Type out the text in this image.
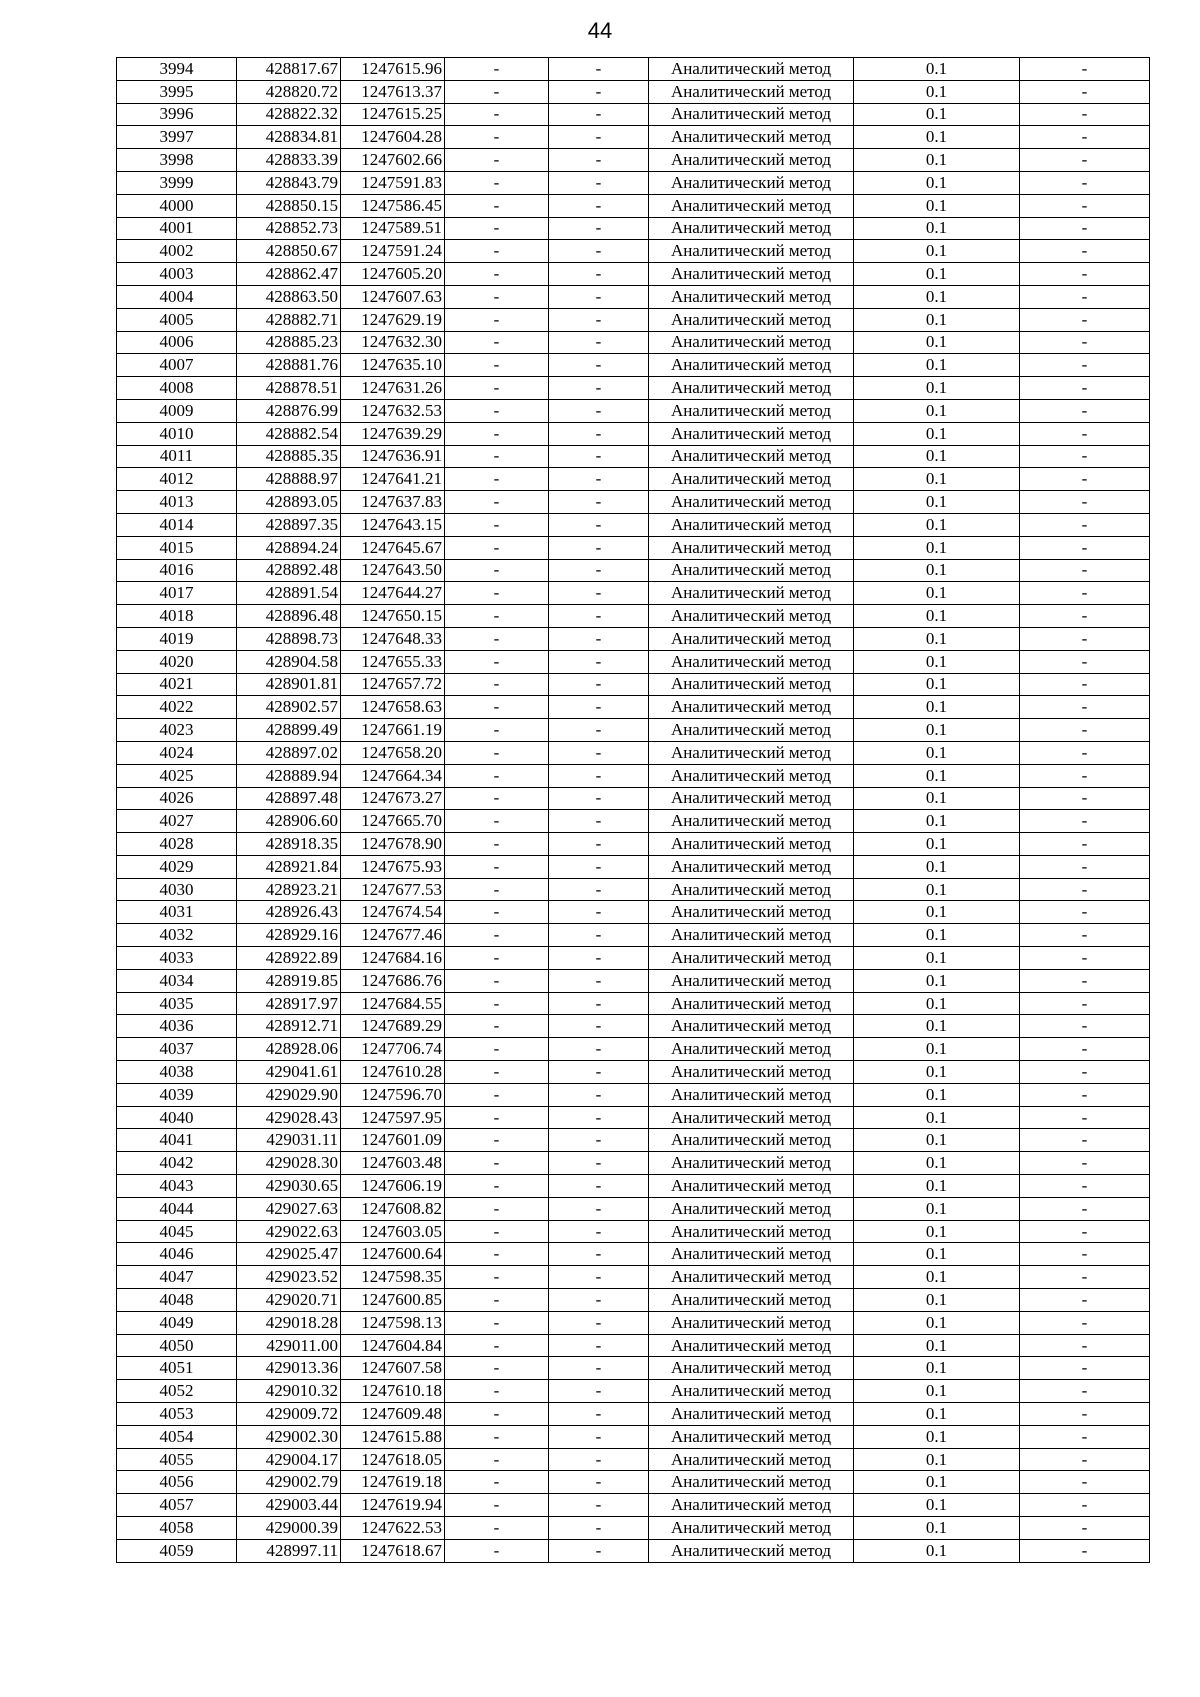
44
3994	428817.67	1247615.96	-	-	Аналитический метод	0.1	-
3995	428820.72	1247613.37	-	-	Аналитический метод	0.1	-
3996	428822.32	1247615.25	-	-	Аналитический метод	0.1	-
3997	428834.81	1247604.28	-	-	Аналитический метод	0.1	-
3998	428833.39	1247602.66	-	-	Аналитический метод	0.1	-
3999	428843.79	1247591.83	-	-	Аналитический метод	0.1	-
4000	428850.15	1247586.45	-	-	Аналитический метод	0.1	-
4001	428852.73	1247589.51	-	-	Аналитический метод	0.1	-
4002	428850.67	1247591.24	-	-	Аналитический метод	0.1	-
4003	428862.47	1247605.20	-	-	Аналитический метод	0.1	-
4004	428863.50	1247607.63	-	-	Аналитический метод	0.1	-
4005	428882.71	1247629.19	-	-	Аналитический метод	0.1	-
4006	428885.23	1247632.30	-	-	Аналитический метод	0.1	-
4007	428881.76	1247635.10	-	-	Аналитический метод	0.1	-
4008	428878.51	1247631.26	-	-	Аналитический метод	0.1	-
4009	428876.99	1247632.53	-	-	Аналитический метод	0.1	-
4010	428882.54	1247639.29	-	-	Аналитический метод	0.1	-
4011	428885.35	1247636.91	-	-	Аналитический метод	0.1	-
4012	428888.97	1247641.21	-	-	Аналитический метод	0.1	-
4013	428893.05	1247637.83	-	-	Аналитический метод	0.1	-
4014	428897.35	1247643.15	-	-	Аналитический метод	0.1	-
4015	428894.24	1247645.67	-	-	Аналитический метод	0.1	-
4016	428892.48	1247643.50	-	-	Аналитический метод	0.1	-
4017	428891.54	1247644.27	-	-	Аналитический метод	0.1	-
4018	428896.48	1247650.15	-	-	Аналитический метод	0.1	-
4019	428898.73	1247648.33	-	-	Аналитический метод	0.1	-
4020	428904.58	1247655.33	-	-	Аналитический метод	0.1	-
4021	428901.81	1247657.72	-	-	Аналитический метод	0.1	-
4022	428902.57	1247658.63	-	-	Аналитический метод	0.1	-
4023	428899.49	1247661.19	-	-	Аналитический метод	0.1	-
4024	428897.02	1247658.20	-	-	Аналитический метод	0.1	-
4025	428889.94	1247664.34	-	-	Аналитический метод	0.1	-
4026	428897.48	1247673.27	-	-	Аналитический метод	0.1	-
4027	428906.60	1247665.70	-	-	Аналитический метод	0.1	-
4028	428918.35	1247678.90	-	-	Аналитический метод	0.1	-
4029	428921.84	1247675.93	-	-	Аналитический метод	0.1	-
4030	428923.21	1247677.53	-	-	Аналитический метод	0.1	-
4031	428926.43	1247674.54	-	-	Аналитический метод	0.1	-
4032	428929.16	1247677.46	-	-	Аналитический метод	0.1	-
4033	428922.89	1247684.16	-	-	Аналитический метод	0.1	-
4034	428919.85	1247686.76	-	-	Аналитический метод	0.1	-
4035	428917.97	1247684.55	-	-	Аналитический метод	0.1	-
4036	428912.71	1247689.29	-	-	Аналитический метод	0.1	-
4037	428928.06	1247706.74	-	-	Аналитический метод	0.1	-
4038	429041.61	1247610.28	-	-	Аналитический метод	0.1	-
4039	429029.90	1247596.70	-	-	Аналитический метод	0.1	-
4040	429028.43	1247597.95	-	-	Аналитический метод	0.1	-
4041	429031.11	1247601.09	-	-	Аналитический метод	0.1	-
4042	429028.30	1247603.48	-	-	Аналитический метод	0.1	-
4043	429030.65	1247606.19	-	-	Аналитический метод	0.1	-
4044	429027.63	1247608.82	-	-	Аналитический метод	0.1	-
4045	429022.63	1247603.05	-	-	Аналитический метод	0.1	-
4046	429025.47	1247600.64	-	-	Аналитический метод	0.1	-
4047	429023.52	1247598.35	-	-	Аналитический метод	0.1	-
4048	429020.71	1247600.85	-	-	Аналитический метод	0.1	-
4049	429018.28	1247598.13	-	-	Аналитический метод	0.1	-
4050	429011.00	1247604.84	-	-	Аналитический метод	0.1	-
4051	429013.36	1247607.58	-	-	Аналитический метод	0.1	-
4052	429010.32	1247610.18	-	-	Аналитический метод	0.1	-
4053	429009.72	1247609.48	-	-	Аналитический метод	0.1	-
4054	429002.30	1247615.88	-	-	Аналитический метод	0.1	-
4055	429004.17	1247618.05	-	-	Аналитический метод	0.1	-
4056	429002.79	1247619.18	-	-	Аналитический метод	0.1	-
4057	429003.44	1247619.94	-	-	Аналитический метод	0.1	-
4058	429000.39	1247622.53	-	-	Аналитический метод	0.1	-
4059	428997.11	1247618.67	-	-	Аналитический метод	0.1	-
